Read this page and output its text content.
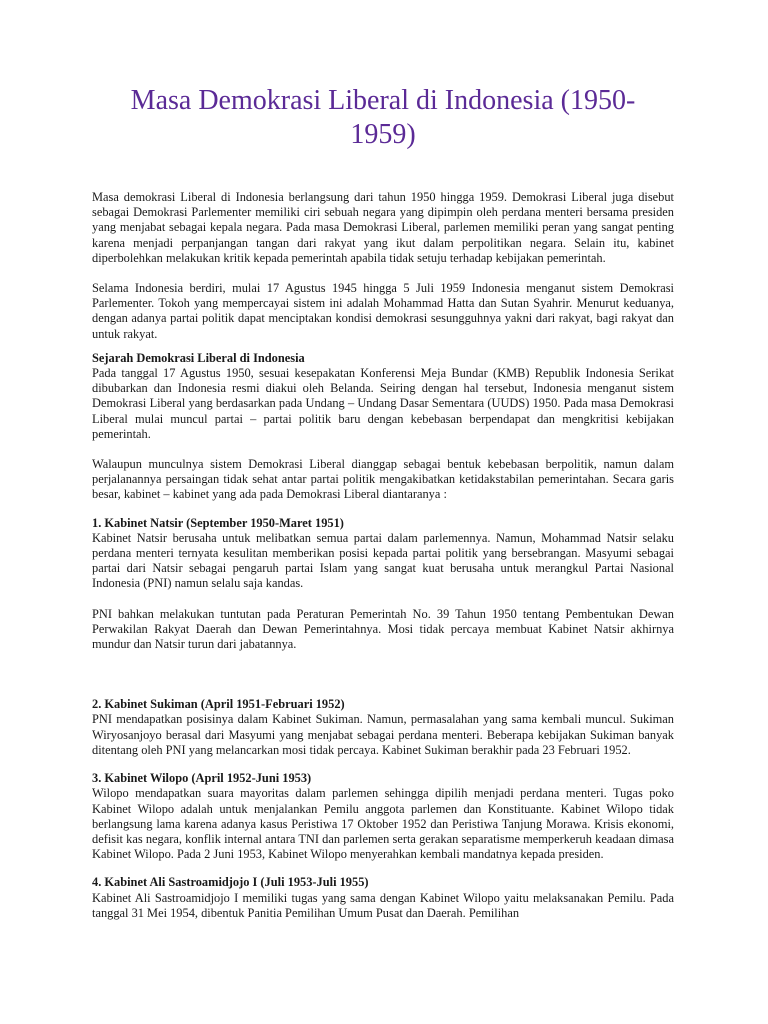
Masa Demokrasi Liberal di Indonesia (1950-1959)

Masa demokrasi Liberal di Indonesia berlangsung dari tahun 1950 hingga 1959. Demokrasi Liberal juga disebut sebagai Demokrasi Parlementer memiliki ciri sebuah negara yang dipimpin oleh perdana menteri bersama presiden yang menjabat sebagai kepala negara. Pada masa Demokrasi Liberal, parlemen memiliki peran yang sangat penting karena menjadi perpanjangan tangan dari rakyat yang ikut dalam perpolitikan negara. Selain itu, kabinet diperbolehkan melakukan kritik kepada pemerintah apabila tidak setuju terhadap kebijakan pemerintah.

Selama Indonesia berdiri, mulai 17 Agustus 1945 hingga 5 Juli 1959 Indonesia menganut sistem Demokrasi Parlementer. Tokoh yang mempercayai sistem ini adalah Mohammad Hatta dan Sutan Syahrir. Menurut keduanya, dengan adanya partai politik dapat menciptakan kondisi demokrasi sesungguhnya yakni dari rakyat, bagi rakyat dan untuk rakyat.

Sejarah Demokrasi Liberal di Indonesia

Pada tanggal 17 Agustus 1950, sesuai kesepakatan Konferensi Meja Bundar (KMB) Republik Indonesia Serikat dibubarkan dan Indonesia resmi diakui oleh Belanda. Seiring dengan hal tersebut, Indonesia menganut sistem Demokrasi Liberal yang berdasarkan pada Undang – Undang Dasar Sementara (UUDS) 1950. Pada masa Demokrasi Liberal mulai muncul partai – partai politik baru dengan kebebasan berpendapat dan mengkritisi kebijakan pemerintah.

Walaupun munculnya sistem Demokrasi Liberal dianggap sebagai bentuk kebebasan berpolitik, namun dalam perjalanannya persaingan tidak sehat antar partai politik mengakibatkan ketidakstabilan pemerintahan. Secara garis besar, kabinet – kabinet yang ada pada Demokrasi Liberal diantaranya :

1. Kabinet Natsir (September 1950-Maret 1951)

Kabinet Natsir berusaha untuk melibatkan semua partai dalam parlemennya. Namun, Mohammad Natsir selaku perdana menteri ternyata kesulitan memberikan posisi kepada partai politik yang bersebrangan. Masyumi sebagai partai dari Natsir sebagai pengaruh partai Islam yang sangat kuat berusaha untuk merangkul Partai Nasional Indonesia (PNI) namun selalu saja kandas.

PNI bahkan melakukan tuntutan pada Peraturan Pemerintah No. 39 Tahun 1950 tentang Pembentukan Dewan Perwakilan Rakyat Daerah dan Dewan Pemerintahnya. Mosi tidak percaya membuat Kabinet Natsir akhirnya mundur dan Natsir turun dari jabatannya.

2. Kabinet Sukiman (April 1951-Februari 1952)

PNI mendapatkan posisinya dalam Kabinet Sukiman. Namun, permasalahan yang sama kembali muncul. Sukiman Wiryosanjoyo berasal dari Masyumi yang menjabat sebagai perdana menteri. Beberapa kebijakan Sukiman banyak ditentang oleh PNI yang melancarkan mosi tidak percaya. Kabinet Sukiman berakhir pada 23 Februari 1952.

3. Kabinet Wilopo (April 1952-Juni 1953)

Wilopo mendapatkan suara mayoritas dalam parlemen sehingga dipilih menjadi perdana menteri. Tugas poko Kabinet Wilopo adalah untuk menjalankan Pemilu anggota parlemen dan Konstituante. Kabinet Wilopo tidak berlangsung lama karena adanya kasus Peristiwa 17 Oktober 1952 dan Peristiwa Tanjung Morawa. Krisis ekonomi, defisit kas negara, konflik internal antara TNI dan parlemen serta gerakan separatisme memperkeruh keadaan dimasa Kabinet Wilopo. Pada 2 Juni 1953, Kabinet Wilopo menyerahkan kembali mandatnya kepada presiden.

4. Kabinet Ali Sastroamidjojo I (Juli 1953-Juli 1955)

Kabinet Ali Sastroamidjojo I memiliki tugas yang sama dengan Kabinet Wilopo yaitu melaksanakan Pemilu. Pada tanggal 31 Mei 1954, dibentuk Panitia Pemilihan Umum Pusat dan Daerah. Pemilihan
